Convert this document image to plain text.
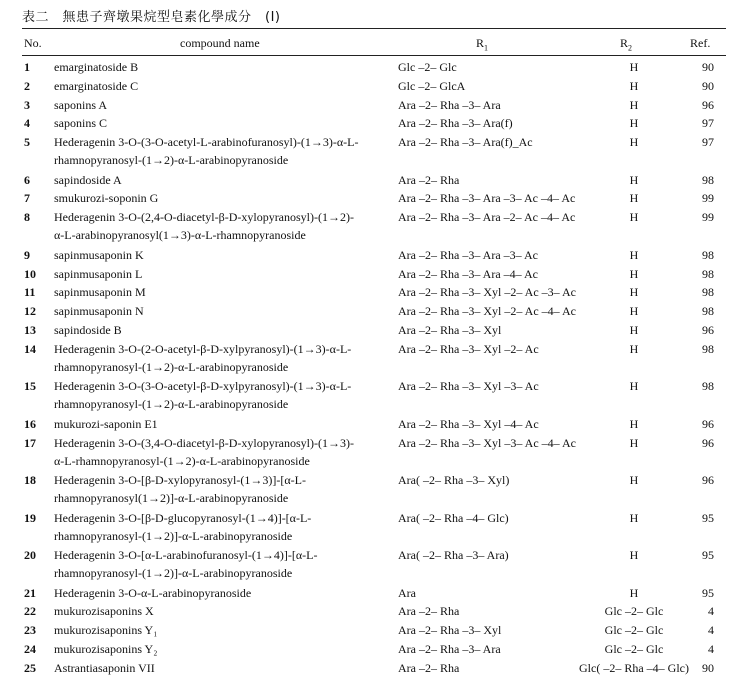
表二　無患子齊墩果烷型皂素化學成分　(I)
No.	compound name	$R_1$	$R_2$	Ref.
1	emarginatoside B	Glc ‒2‒ Glc	H	90
2	emarginatoside C	Glc ‒2‒ GlcA	H	90
3	saponins A	Ara ‒2‒ Rha ‒3‒ Ara	H	96
4	saponins C	Ara ‒2‒ Rha ‒3‒ Ara(f)	H	97
5	Hederagenin 3-O-(3-O-acetyl-L-arabinofuranosyl)-(1→3)-α-L-
rhamnopyranosyl-(1→2)-α-L-arabinopyranoside	Ara ‒2‒ Rha ‒3‒ Ara(f)_Ac	H	97
6	sapindoside A	Ara ‒2‒ Rha	H	98
7	smukurozi-soponin G	Ara ‒2‒ Rha ‒3‒ Ara ‒3‒ Ac ‒4‒ Ac	H	99
8	Hederagenin 3-O-(2,4-O-diacetyl-β-D-xylopyranosyl)-(1→2)-
α-L-arabinopyranosyl(1→3)-α-L-rhamnopyranoside	Ara ‒2‒ Rha ‒3‒ Ara ‒2‒ Ac ‒4‒ Ac	H	99
9	sapinmusaponin K	Ara ‒2‒ Rha ‒3‒ Ara ‒3‒ Ac	H	98
10	sapinmusaponin L	Ara ‒2‒ Rha ‒3‒ Ara ‒4‒ Ac	H	98
11	sapinmusaponin M	Ara ‒2‒ Rha ‒3‒ Xyl ‒2‒ Ac ‒3‒ Ac	H	98
12	sapinmusaponin N	Ara ‒2‒ Rha ‒3‒ Xyl ‒2‒ Ac ‒4‒ Ac	H	98
13	sapindoside B	Ara ‒2‒ Rha ‒3‒ Xyl	H	96
14	Hederagenin 3-O-(2-O-acetyl-β-D-xylpyranosyl)-(1→3)-α-L-
rhamnopyranosyl-(1→2)-α-L-arabinopyranoside	Ara ‒2‒ Rha ‒3‒ Xyl ‒2‒ Ac	H	98
15	Hederagenin 3-O-(3-O-acetyl-β-D-xylpyranosyl)-(1→3)-α-L-
rhamnopyranosyl-(1→2)-α-L-arabinopyranoside	Ara ‒2‒ Rha ‒3‒ Xyl ‒3‒ Ac	H	98
16	mukurozi-saponin E1	Ara ‒2‒ Rha ‒3‒ Xyl ‒4‒ Ac	H	96
17	Hederagenin 3-O-(3,4-O-diacetyl-β-D-xylopyranosyl)-(1→3)-
α-L-rhamnopyranosyl-(1→2)-α-L-arabinopyranoside	Ara ‒2‒ Rha ‒3‒ Xyl ‒3‒ Ac ‒4‒ Ac	H	96
18	Hederagenin 3-O-[β-D-xylopyranosyl-(1→3)]-[α-L-
rhamnopyranosyl(1→2)]-α-L-arabinopyranoside	Ara( ‒2‒ Rha ‒3‒ Xyl)	H	96
19	Hederagenin 3-O-[β-D-glucopyranosyl-(1→4)]-[α-L-
rhamnopyranosyl-(1→2)]-α-L-arabinopyranoside	Ara( ‒2‒ Rha ‒4‒ Glc)	H	95
20	Hederagenin 3-O-[α-L-arabinofuranosyl-(1→4)]-[α-L-
rhamnopyranosyl-(1→2)]-α-L-arabinopyranoside	Ara( ‒2‒ Rha ‒3‒ Ara)	H	95
21	Hederagenin 3-O-α-L-arabinopyranoside	Ara	H	95
22	mukurozisaponins X	Ara ‒2‒ Rha	Glc ‒2‒ Glc	4
23	mukurozisaponins Y₁	Ara ‒2‒ Rha ‒3‒ Xyl	Glc ‒2‒ Glc	4
24	mukurozisaponins Y₂	Ara ‒2‒ Rha ‒3‒ Ara	Glc ‒2‒ Glc	4
25	Astrantiasaponin VII	Ara ‒2‒ Rha	Glc( ‒2‒ Rha ‒4‒ Glc)	90
